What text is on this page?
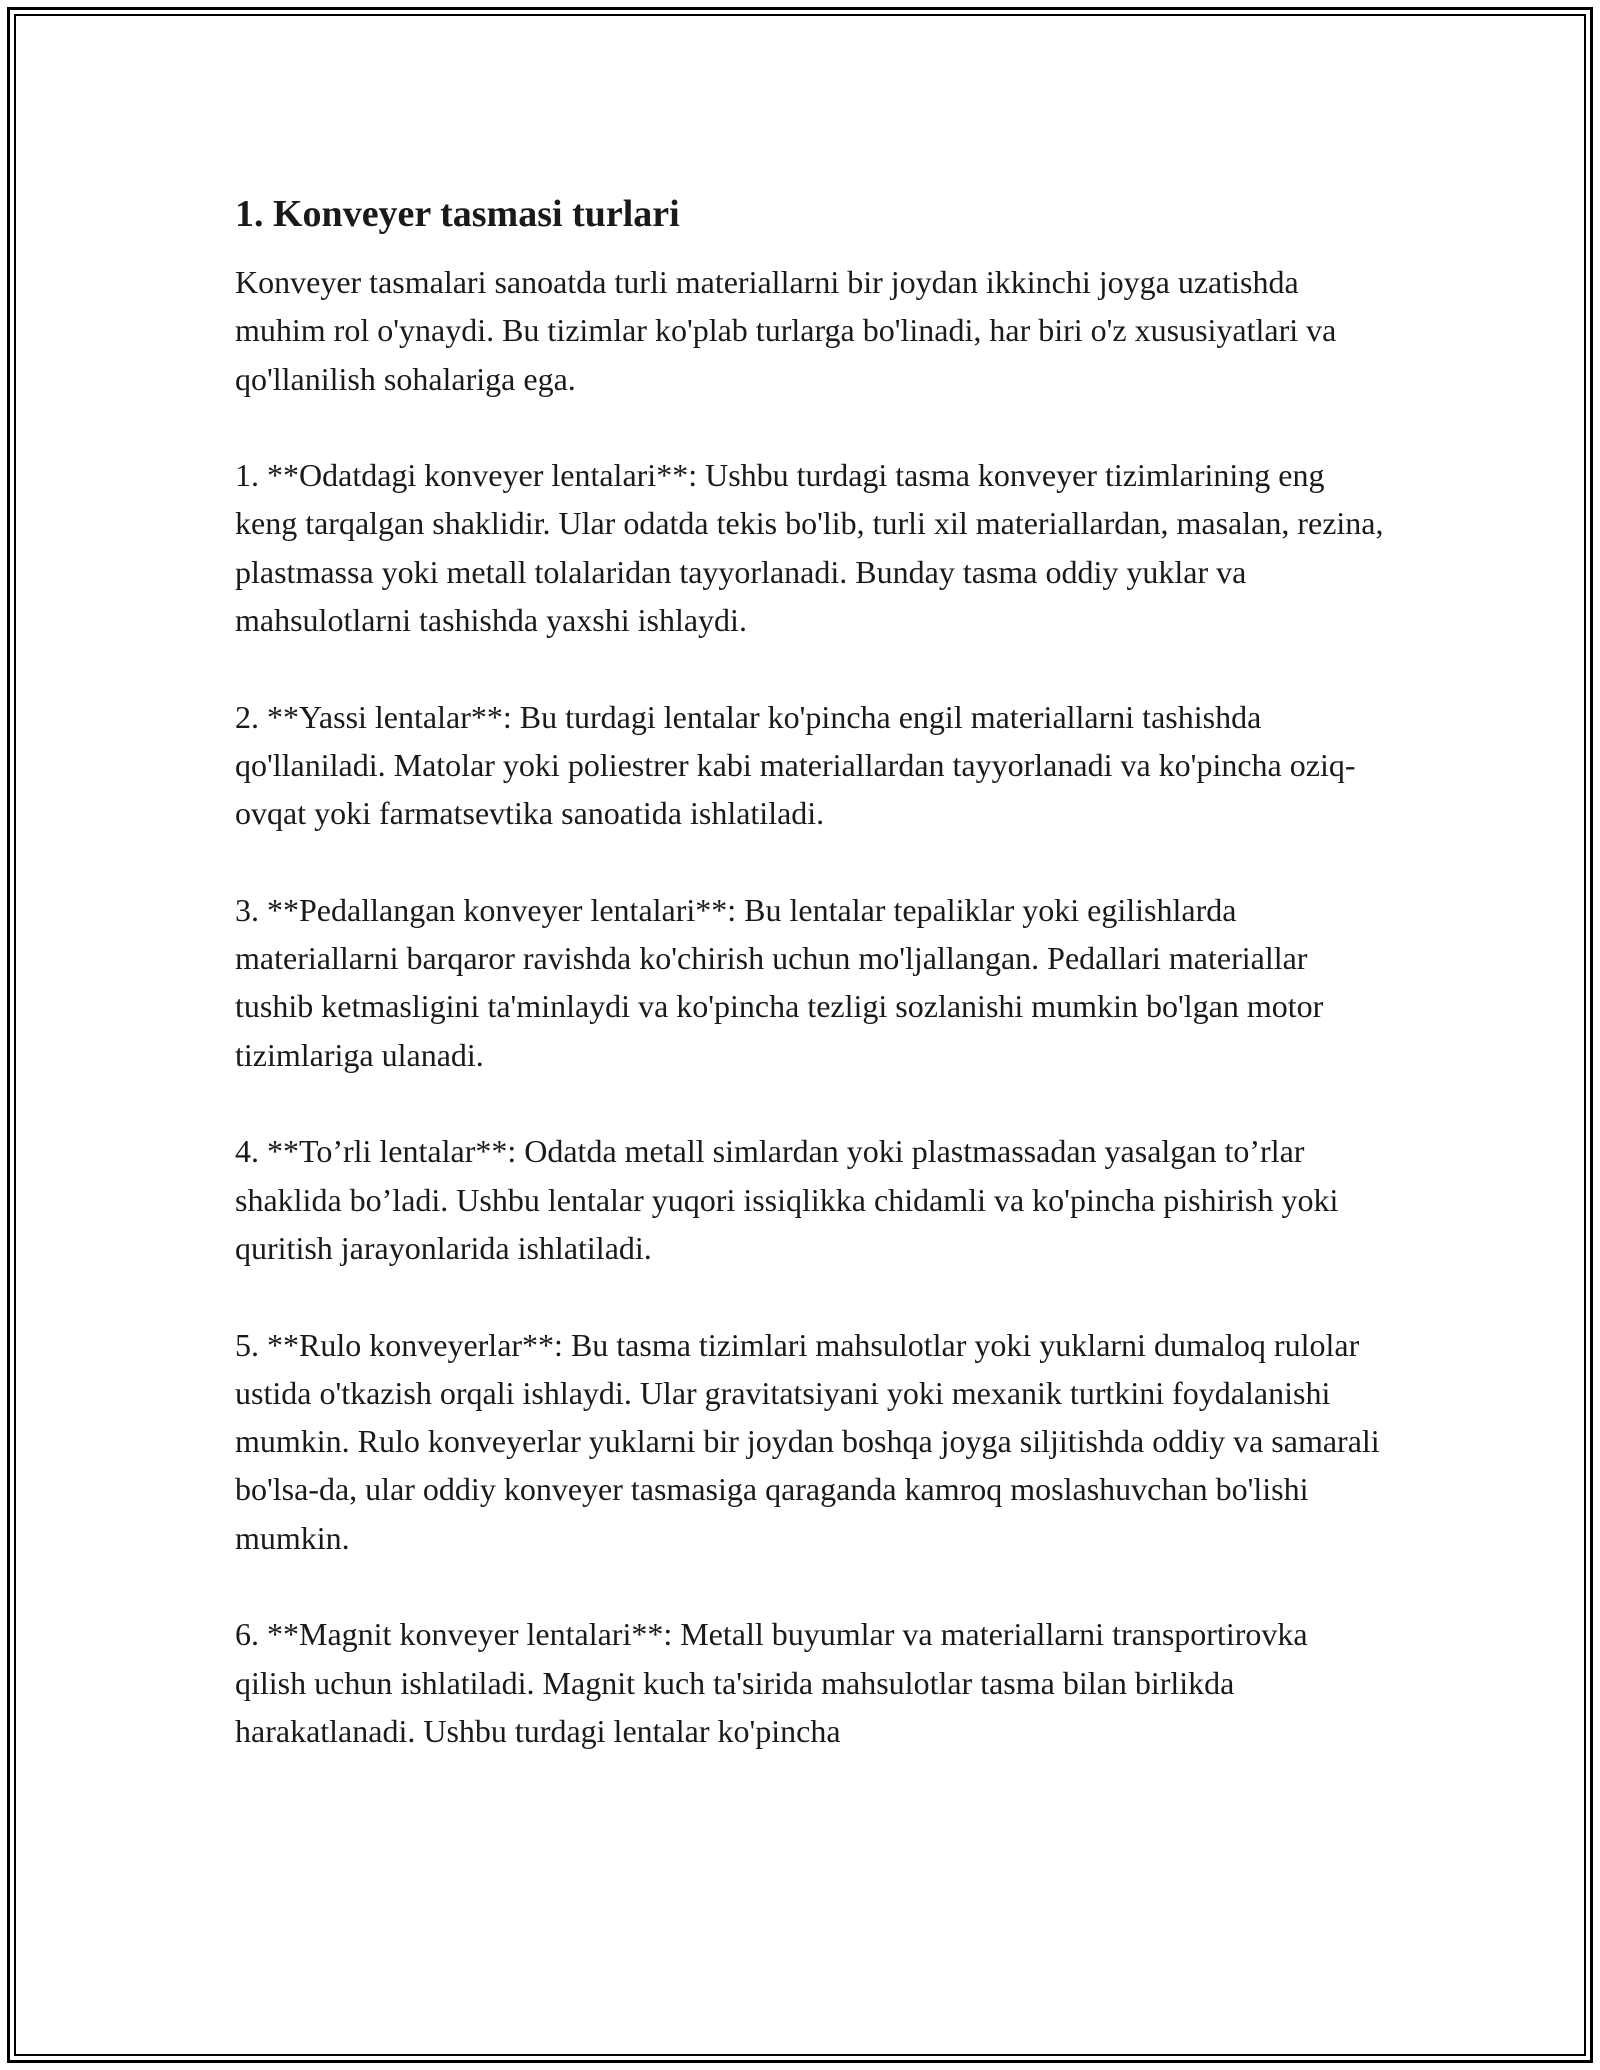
1. Konveyer tasmasi turlari

Konveyer tasmalari sanoatda turli materiallarni bir joydan ikkinchi joyga uzatishda muhim rol o'ynaydi. Bu tizimlar ko'plab turlarga bo'linadi, har biri o'z xususiyatlari va qo'llanilish sohalariga ega.

1. **Odatdagi konveyer lentalari**: Ushbu turdagi tasma konveyer tizimlarining eng keng tarqalgan shaklidir. Ular odatda tekis bo'lib, turli xil materiallardan, masalan, rezina, plastmassa yoki metall tolalaridan tayyorlanadi. Bunday tasma oddiy yuklar va mahsulotlarni tashishda yaxshi ishlaydi.

2. **Yassi lentalar**: Bu turdagi lentalar ko'pincha engil materiallarni tashishda qo'llaniladi. Matolar yoki poliestrer kabi materiallardan tayyorlanadi va ko'pincha oziq-ovqat yoki farmatsevtika sanoatida ishlatiladi.

3. **Pedallangan konveyer lentalari**: Bu lentalar tepaliklar yoki egilishlarda materiallarni barqaror ravishda ko'chirish uchun mo'ljallangan. Pedallari materiallar tushib ketmasligini ta'minlaydi va ko'pincha tezligi sozlanishi mumkin bo'lgan motor tizimlariga ulanadi.

4. **To’rli lentalar**: Odatda metall simlardan yoki plastmassadan yasalgan to’rlar shaklida bo’ladi. Ushbu lentalar yuqori issiqlikka chidamli va ko'pincha pishirish yoki quritish jarayonlarida ishlatiladi.

5. **Rulo konveyerlar**: Bu tasma tizimlari mahsulotlar yoki yuklarni dumaloq rulolar ustida o'tkazish orqali ishlaydi. Ular gravitatsiyani yoki mexanik turtkini foydalanishi mumkin. Rulo konveyerlar yuklarni bir joydan boshqa joyga siljitishda oddiy va samarali bo'lsa-da, ular oddiy konveyer tasmasiga qaraganda kamroq moslashuvchan bo'lishi mumkin.

6. **Magnit konveyer lentalari**: Metall buyumlar va materiallarni transportirovka qilish uchun ishlatiladi. Magnit kuch ta'sirida mahsulotlar tasma bilan birlikda harakatlanadi. Ushbu turdagi lentalar ko'pincha
